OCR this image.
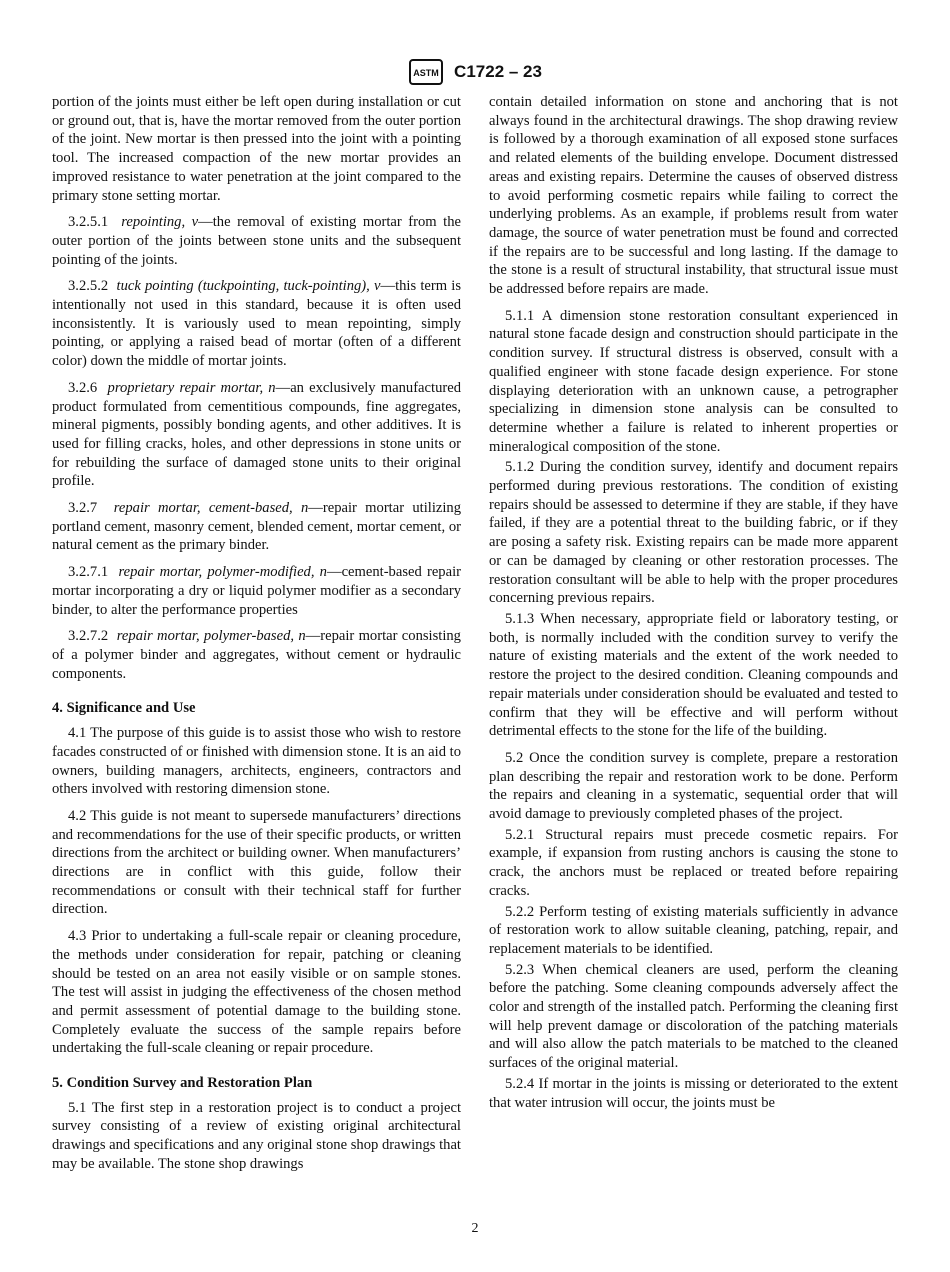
ASTM C1722 – 23

portion of the joints must either be left open during installation or cut or ground out, that is, have the mortar removed from the outer portion of the joint. New mortar is then pressed into the joint with a pointing tool. The increased compaction of the new mortar provides an improved resistance to water penetration at the joint compared to the primary stone setting mortar.

3.2.5.1 repointing, v—the removal of existing mortar from the outer portion of the joints between stone units and the subsequent pointing of the joints.

3.2.5.2 tuck pointing (tuckpointing, tuck-pointing), v—this term is intentionally not used in this standard, because it is often used inconsistently. It is variously used to mean repointing, simply pointing, or applying a raised bead of mortar (often of a different color) down the middle of mortar joints.

3.2.6 proprietary repair mortar, n—an exclusively manufactured product formulated from cementitious compounds, fine aggregates, mineral pigments, possibly bonding agents, and other additives. It is used for filling cracks, holes, and other depressions in stone units or for rebuilding the surface of damaged stone units to their original profile.

3.2.7 repair mortar, cement-based, n—repair mortar utilizing portland cement, masonry cement, blended cement, mortar cement, or natural cement as the primary binder.

3.2.7.1 repair mortar, polymer-modified, n—cement-based repair mortar incorporating a dry or liquid polymer modifier as a secondary binder, to alter the performance properties

3.2.7.2 repair mortar, polymer-based, n—repair mortar consisting of a polymer binder and aggregates, without cement or hydraulic components.

4. Significance and Use

4.1 The purpose of this guide is to assist those who wish to restore facades constructed of or finished with dimension stone. It is an aid to owners, building managers, architects, engineers, contractors and others involved with restoring dimension stone.

4.2 This guide is not meant to supersede manufacturers’ directions and recommendations for the use of their specific products, or written directions from the architect or building owner. When manufacturers’ directions are in conflict with this guide, follow their recommendations or consult with their technical staff for further direction.

4.3 Prior to undertaking a full-scale repair or cleaning procedure, the methods under consideration for repair, patching or cleaning should be tested on an area not easily visible or on sample stones. The test will assist in judging the effectiveness of the chosen method and permit assessment of potential damage to the building stone. Completely evaluate the success of the sample repairs before undertaking the full-scale cleaning or repair procedure.

5. Condition Survey and Restoration Plan

5.1 The first step in a restoration project is to conduct a project survey consisting of a review of existing original architectural drawings and specifications and any original stone shop drawings that may be available. The stone shop drawings

contain detailed information on stone and anchoring that is not always found in the architectural drawings. The shop drawing review is followed by a thorough examination of all exposed stone surfaces and related elements of the building envelope. Document distressed areas and existing repairs. Determine the causes of observed distress to avoid performing cosmetic repairs while failing to correct the underlying problems. As an example, if problems result from water damage, the source of water penetration must be found and corrected if the repairs are to be successful and long lasting. If the damage to the stone is a result of structural instability, that structural issue must be addressed before repairs are made.

5.1.1 A dimension stone restoration consultant experienced in natural stone facade design and construction should participate in the condition survey. If structural distress is observed, consult with a qualified engineer with stone facade design experience. For stone displaying deterioration with an unknown cause, a petrographer specializing in dimension stone analysis can be consulted to determine whether a failure is related to inherent properties or mineralogical composition of the stone.

5.1.2 During the condition survey, identify and document repairs performed during previous restorations. The condition of existing repairs should be assessed to determine if they are stable, if they have failed, if they are a potential threat to the building fabric, or if they are posing a safety risk. Existing repairs can be made more apparent or can be damaged by cleaning or other restoration processes. The restoration consultant will be able to help with the proper procedures concerning previous repairs.

5.1.3 When necessary, appropriate field or laboratory testing, or both, is normally included with the condition survey to verify the nature of existing materials and the extent of the work needed to restore the project to the desired condition. Cleaning compounds and repair materials under consideration should be evaluated and tested to confirm that they will be effective and will perform without detrimental effects to the stone for the life of the building.

5.2 Once the condition survey is complete, prepare a restoration plan describing the repair and restoration work to be done. Perform the repairs and cleaning in a systematic, sequential order that will avoid damage to previously completed phases of the project.

5.2.1 Structural repairs must precede cosmetic repairs. For example, if expansion from rusting anchors is causing the stone to crack, the anchors must be replaced or treated before repairing cracks.

5.2.2 Perform testing of existing materials sufficiently in advance of restoration work to allow suitable cleaning, patching, repair, and replacement materials to be identified.

5.2.3 When chemical cleaners are used, perform the cleaning before the patching. Some cleaning compounds adversely affect the color and strength of the installed patch. Performing the cleaning first will help prevent damage or discoloration of the patching materials and will also allow the patch materials to be matched to the cleaned surfaces of the original material.

5.2.4 If mortar in the joints is missing or deteriorated to the extent that water intrusion will occur, the joints must be

2
